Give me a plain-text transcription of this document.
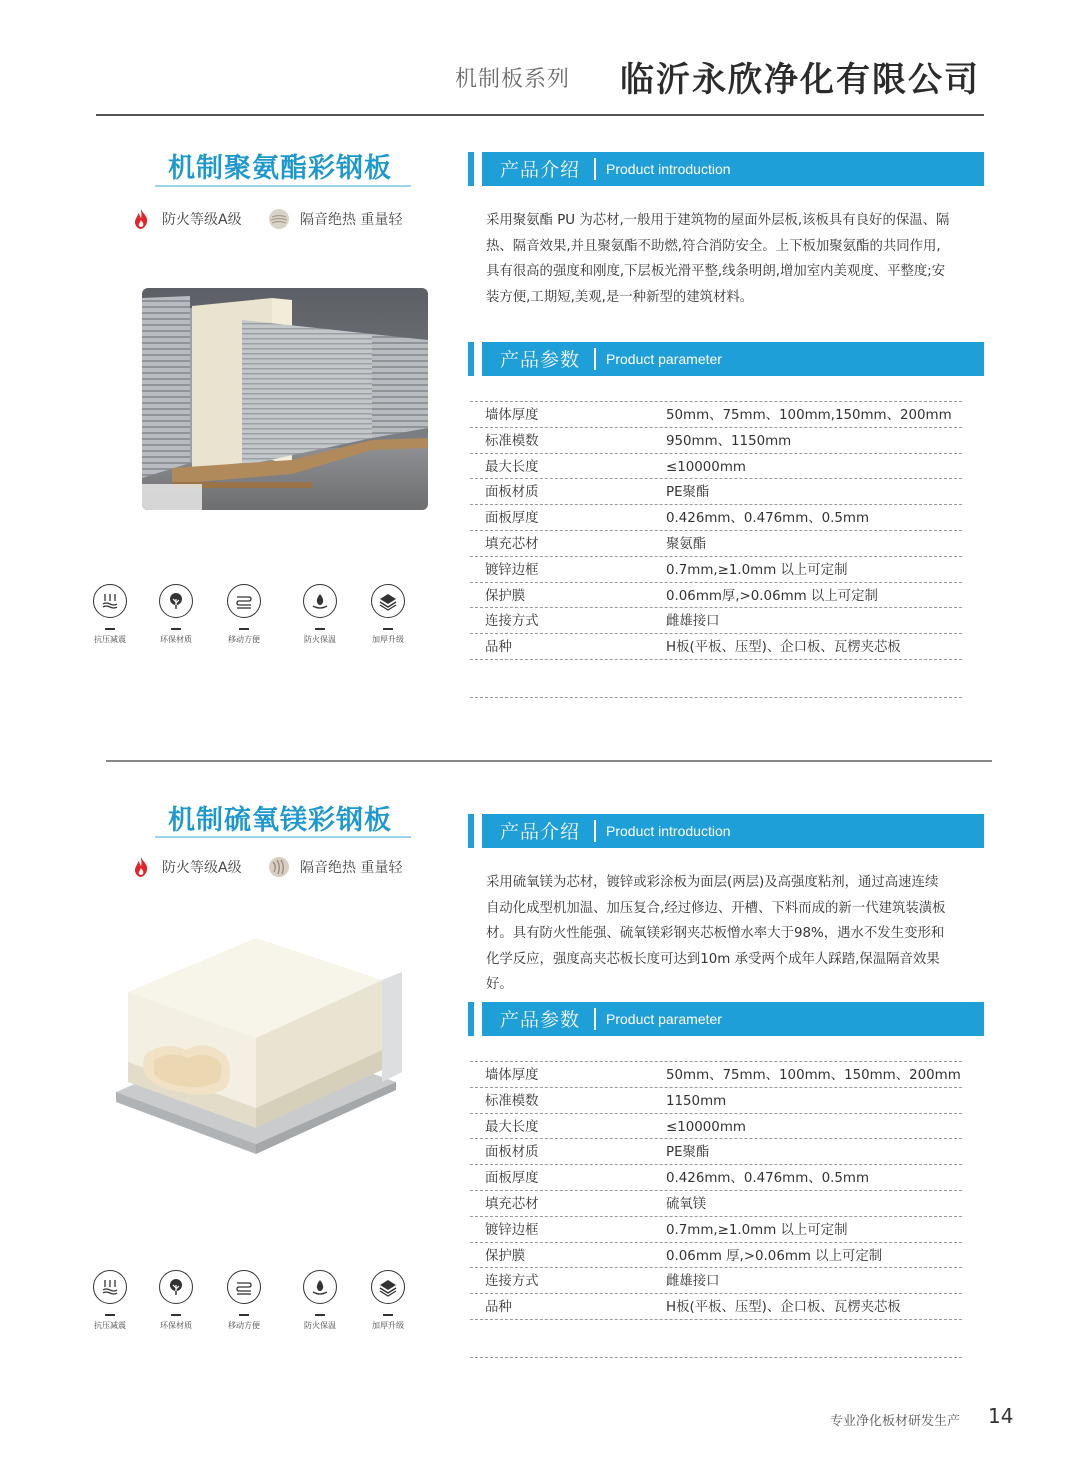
机制板系列 临沂永欣净化有限公司
机制聚氨酯彩钢板
防火等级A级	隔音绝热 重量轻
抗压减震	环保材质	移动方便	防火保温	加厚升级
产品介绍 Product introduction
采用聚氨酯 PU 为芯材,一般用于建筑物的屋面外层板,该板具有良好的保温、隔
热、隔音效果,并且聚氨酯不助燃,符合消防安全。上下板加聚氨酯的共同作用,
具有很高的强度和刚度,下层板光滑平整,线条明朗,增加室内美观度、平整度;安
装方便,工期短,美观,是一种新型的建筑材料。
产品参数 Product parameter
墙体厚度	50mm、75mm、100mm,150mm、200mm
标准模数	950mm、1150mm
最大长度	≤10000mm
面板材质	PE聚酯
面板厚度	0.426mm、0.476mm、0.5mm
填充芯材	聚氨酯
镀锌边框	0.7mm,≥1.0mm 以上可定制
保护膜	0.06mm厚,>0.06mm 以上可定制
连接方式	雌雄接口
品种	H板(平板、压型)、企口板、瓦楞夹芯板
机制硫氧镁彩钢板
防火等级A级	隔音绝热 重量轻
抗压减震	环保材质	移动方便	防火保温	加厚升级
产品介绍 Product introduction
采用硫氧镁为芯材，镀锌或彩涂板为面层(两层)及高强度粘剂，通过高速连续
自动化成型机加温、加压复合,经过修边、开槽、下料而成的新一代建筑装潢板
材。具有防火性能强、硫氧镁彩钢夹芯板憎水率大于98%，遇水不发生变形和
化学反应，强度高夹芯板长度可达到10m 承受两个成年人踩踏,保温隔音效果
好。
产品参数 Product parameter
墙体厚度	50mm、75mm、100mm、150mm、200mm
标准模数	1150mm
最大长度	≤10000mm
面板材质	PE聚酯
面板厚度	0.426mm、0.476mm、0.5mm
填充芯材	硫氧镁
镀锌边框	0.7mm,≥1.0mm 以上可定制
保护膜	0.06mm 厚,>0.06mm 以上可定制
连接方式	雌雄接口
品种	H板(平板、压型)、企口板、瓦楞夹芯板
专业净化板材研发生产 14
